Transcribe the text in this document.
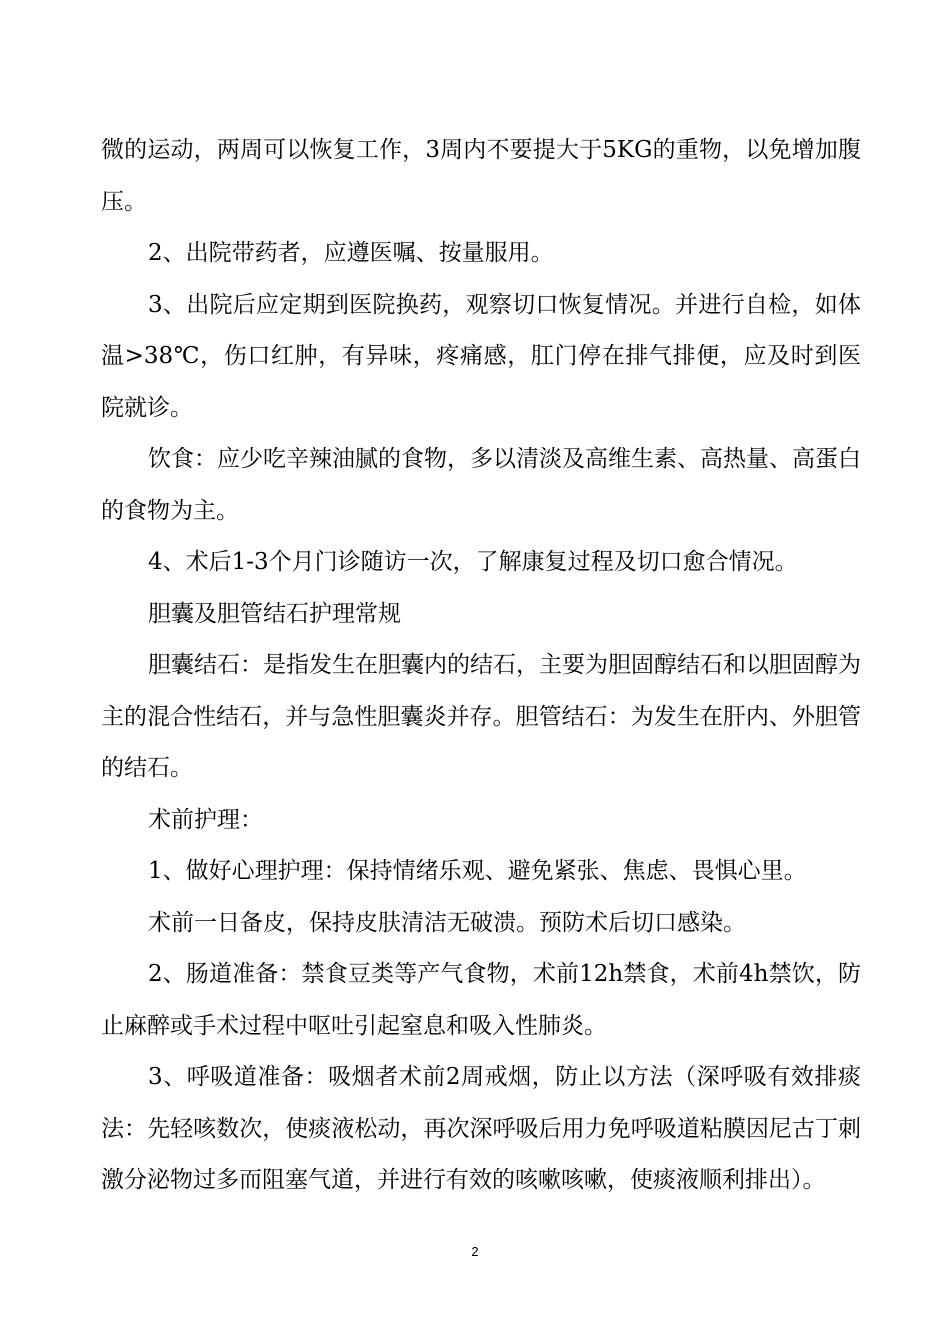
微的运动，两周可以恢复工作，3周内不要提大于5KG的重物，以免增加腹压。

2、出院带药者，应遵医嘱、按量服用。

3、出院后应定期到医院换药，观察切口恢复情况。并进行自检，如体温>38℃，伤口红肿，有异味，疼痛感，肛门停在排气排便，应及时到医院就诊。

饮食：应少吃辛辣油腻的食物，多以清淡及高维生素、高热量、高蛋白的食物为主。

4、术后1-3个月门诊随访一次，了解康复过程及切口愈合情况。

胆囊及胆管结石护理常规

胆囊结石：是指发生在胆囊内的结石，主要为胆固醇结石和以胆固醇为主的混合性结石，并与急性胆囊炎并存。胆管结石：为发生在肝内、外胆管的结石。

术前护理：

1、做好心理护理：保持情绪乐观、避免紧张、焦虑、畏惧心里。

术前一日备皮，保持皮肤清洁无破溃。预防术后切口感染。

2、肠道准备：禁食豆类等产气食物，术前12h禁食，术前4h禁饮，防止麻醉或手术过程中呕吐引起窒息和吸入性肺炎。

3、呼吸道准备：吸烟者术前2周戒烟，防止以方法（深呼吸有效排痰法：先轻咳数次，使痰液松动，再次深呼吸后用力免呼吸道粘膜因尼古丁刺激分泌物过多而阻塞气道，并进行有效的咳嗽咳嗽，使痰液顺利排出）。

2
